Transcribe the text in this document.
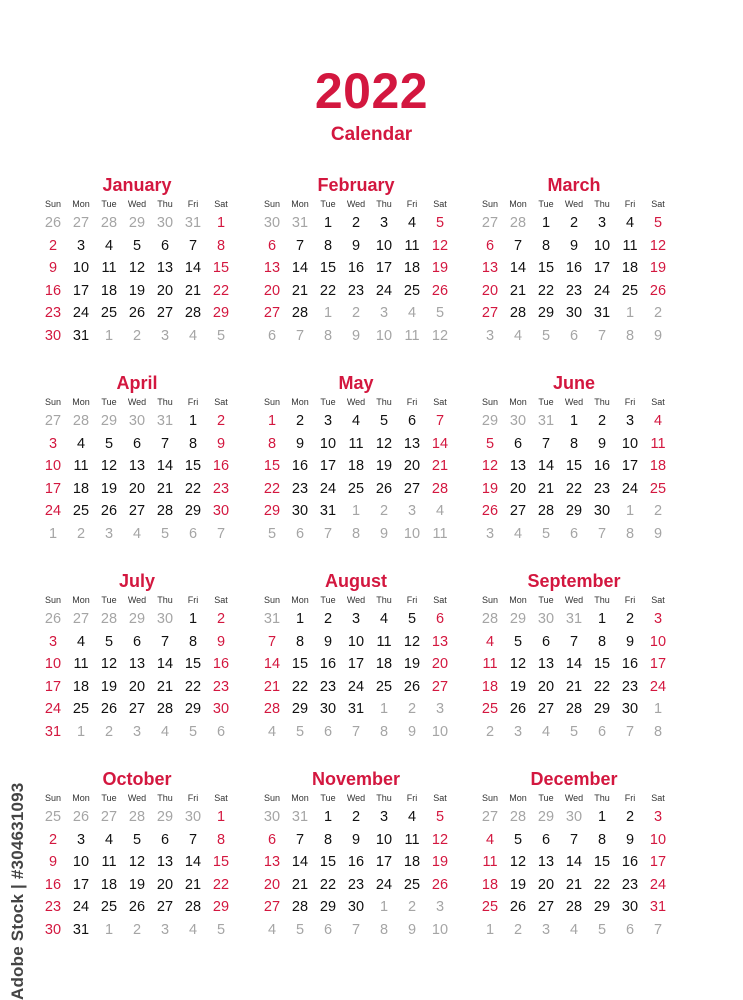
2022
Calendar
January
Sun	Mon	Tue	Wed	Thu	Fri	Sat
26 27 28 29 30 31	1
2	3	4	5	6	7	8
9	10 11 12 13 14 15
16 17 18 19 20 21 22
23 24 25 26 27 28 29
30 31	1	2	3	4	5
February
Sun	Mon	Tue	Wed	Thu	Fri	Sat
30 31	1	2	3	4	5
6	7	8	9	10 11 12
13 14 15 16 17 18 19
20 21 22 23 24 25 26
27 28	1	2	3	4	5
6	7	8	9	10 11 12
March
Sun	Mon	Tue	Wed	Thu	Fri	Sat
27 28	1	2	3	4	5
6	7	8	9	10 11 12
13 14 15 16 17 18 19
20 21 22 23 24 25 26
27 28 29 30 31	1	2
3	4	5	6	7	8	9
April
Sun	Mon	Tue	Wed	Thu	Fri	Sat
27 28 29 30 31	1	2
3	4	5	6	7	8	9
10 11 12 13 14 15 16
17 18 19 20 21 22 23
24 25 26 27 28 29 30
1	2	3	4	5	6	7
May
Sun	Mon	Tue	Wed	Thu	Fri	Sat
1	2	3	4	5	6	7
8	9	10 11 12 13 14
15 16 17 18 19 20 21
22 23 24 25 26 27 28
29 30 31	1	2	3	4
5	6	7	8	9	10 11
June
Sun	Mon	Tue	Wed	Thu	Fri	Sat
29 30 31	1	2	3	4
5	6	7	8	9	10 11
12 13 14 15 16 17 18
19 20 21 22 23 24 25
26 27 28 29 30	1	2
3	4	5	6	7	8	9
July
Sun	Mon	Tue	Wed	Thu	Fri	Sat
26 27 28 29 30	1	2
3	4	5	6	7	8	9
10 11 12 13 14 15 16
17 18 19 20 21 22 23
24 25 26 27 28 29 30
31	1	2	3	4	5	6
August
Sun	Mon	Tue	Wed	Thu	Fri	Sat
31	1	2	3	4	5	6
7	8	9	10 11 12 13
14 15 16 17 18 19 20
21 22 23 24 25 26 27
28 29 30 31	1	2	3
4	5	6	7	8	9	10
September
Sun	Mon	Tue	Wed	Thu	Fri	Sat
28 29 30 31	1	2	3
4	5	6	7	8	9	10
11 12 13 14 15 16 17
18 19 20 21 22 23 24
25 26 27 28 29 30	1
2	3	4	5	6	7	8
October
Sun	Mon	Tue	Wed	Thu	Fri	Sat
25 26 27 28 29 30	1
2	3	4	5	6	7	8
9	10 11 12 13 14 15
16 17 18 19 20 21 22
23 24 25 26 27 28 29
30 31	1	2	3	4	5
November
Sun	Mon	Tue	Wed	Thu	Fri	Sat
30 31	1	2	3	4	5
6	7	8	9	10 11 12
13 14 15 16 17 18 19
20 21 22 23 24 25 26
27 28 29 30	1	2	3
4	5	6	7	8	9	10
December
Sun	Mon	Tue	Wed	Thu	Fri	Sat
27 28 29 30	1	2	3
4	5	6	7	8	9	10
11 12 13 14 15 16 17
18 19 20 21 22 23 24
25 26 27 28 29 30 31
1	2	3	4	5	6	7
Adobe Stock | #304631093
